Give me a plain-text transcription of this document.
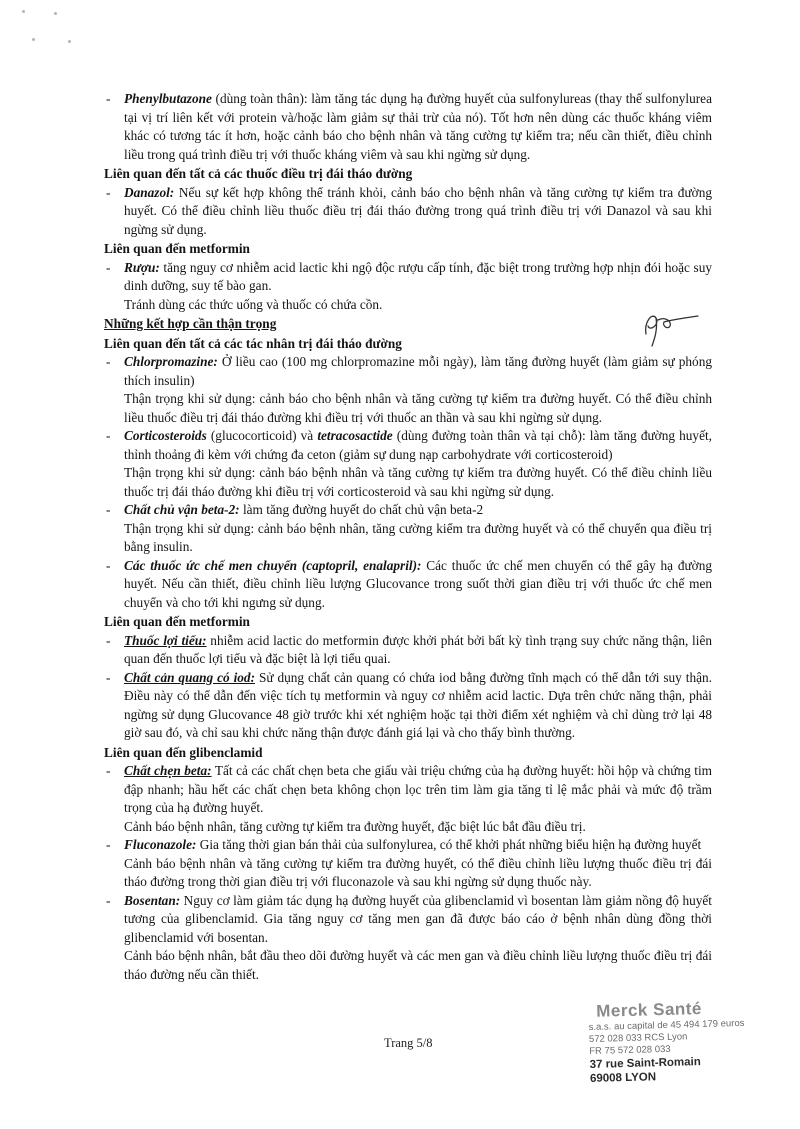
- Phenylbutazone (dùng toàn thân): làm tăng tác dụng hạ đường huyết của sulfonylureas (thay thế sulfonylurea tại vị trí liên kết với protein và/hoặc làm giảm sự thải trừ của nó). Tốt hơn nên dùng các thuốc kháng viêm khác có tương tác ít hơn, hoặc cảnh báo cho bệnh nhân và tăng cường tự kiểm tra; nếu cần thiết, điều chỉnh liều trong quá trình điều trị với thuốc kháng viêm và sau khi ngừng sử dụng.

Liên quan đến tất cả các thuốc điều trị đái tháo đường
- Danazol: Nếu sự kết hợp không thể tránh khỏi, cảnh báo cho bệnh nhân và tăng cường tự kiểm tra đường huyết. Có thể điều chỉnh liều thuốc điều trị đái tháo đường trong quá trình điều trị với Danazol và sau khi ngừng sử dụng.

Liên quan đến metformin
- Rượu: tăng nguy cơ nhiễm acid lactic khi ngộ độc rượu cấp tính, đặc biệt trong trường hợp nhịn đói hoặc suy dinh dưỡng, suy tế bào gan.

Tránh dùng các thức uống và thuốc có chứa cồn.

Những kết hợp cần thận trọng
Liên quan đến tất cả các tác nhân trị đái tháo đường
- Chlorpromazine: Ở liều cao (100 mg chlorpromazine mỗi ngày), làm tăng đường huyết (làm giảm sự phóng thích insulin)

Thận trọng khi sử dụng: cảnh báo cho bệnh nhân và tăng cường tự kiểm tra đường huyết. Có thể điều chỉnh liều thuốc điều trị đái tháo đường khi điều trị với thuốc an thần và sau khi ngừng sử dụng.

- Corticosteroids (glucocorticoid) và tetracosactide (dùng đường toàn thân và tại chỗ): làm tăng đường huyết, thỉnh thoảng đi kèm với chứng đa ceton (giảm sự dung nạp carbohydrate với corticosteroid)

Thận trọng khi sử dụng: cảnh báo bệnh nhân và tăng cường tự kiểm tra đường huyết. Có thể điều chỉnh liều thuốc trị đái tháo đường khi điều trị với corticosteroid và sau khi ngừng sử dụng.

- Chất chủ vận beta-2: làm tăng đường huyết do chất chủ vận beta-2

Thận trọng khi sử dụng: cảnh báo bệnh nhân, tăng cường kiểm tra đường huyết và có thể chuyển qua điều trị bằng insulin.

- Các thuốc ức chế men chuyển (captopril, enalapril): Các thuốc ức chế men chuyển có thể gây hạ đường huyết. Nếu cần thiết, điều chỉnh liều lượng Glucovance trong suốt thời gian điều trị với thuốc ức chế men chuyển và cho tới khi ngưng sử dụng.

Liên quan đến metformin
- Thuốc lợi tiểu: nhiễm acid lactic do metformin được khởi phát bởi bất kỳ tình trạng suy chức năng thận, liên quan đến thuốc lợi tiểu và đặc biệt là lợi tiểu quai.

- Chất cản quang có iod: Sử dụng chất cản quang có chứa iod bằng đường tĩnh mạch có thể dẫn tới suy thận. Điều này có thể dẫn đến việc tích tụ metformin và nguy cơ nhiễm acid lactic. Dựa trên chức năng thận, phải ngừng sử dụng Glucovance 48 giờ trước khi xét nghiệm hoặc tại thời điểm xét nghiệm và chỉ dùng trở lại 48 giờ sau đó, và chỉ sau khi chức năng thận được đánh giá lại và cho thấy bình thường.

Liên quan đến glibenclamid
- Chất chẹn beta: Tất cả các chất chẹn beta che giấu vài triệu chứng của hạ đường huyết: hồi hộp và chứng tim đập nhanh; hầu hết các chất chẹn beta không chọn lọc trên tim làm gia tăng tỉ lệ mắc phải và mức độ trầm trọng của hạ đường huyết.

Cảnh báo bệnh nhân, tăng cường tự kiểm tra đường huyết, đặc biệt lúc bắt đầu điều trị.

- Fluconazole: Gia tăng thời gian bán thải của sulfonylurea, có thể khởi phát những biểu hiện hạ đường huyết

Cảnh báo bệnh nhân và tăng cường tự kiểm tra đường huyết, có thể điều chỉnh liều lượng thuốc điều trị đái tháo đường trong thời gian điều trị với fluconazole và sau khi ngừng sử dụng thuốc này.

- Bosentan: Nguy cơ làm giảm tác dụng hạ đường huyết của glibenclamid vì bosentan làm giảm nồng độ huyết tương của glibenclamid. Gia tăng nguy cơ tăng men gan đã được báo cáo ở bệnh nhân dùng đồng thời glibenclamid với bosentan.

Cảnh báo bệnh nhân, bắt đầu theo dõi đường huyết và các men gan và điều chỉnh liều lượng thuốc điều trị đái tháo đường nếu cần thiết.

Trang 5/8
Merck Santé
s.a.s. au capital de 45 494 179 euros
572 028 033 RCS Lyon
FR 75 572 028 033
37 rue Saint-Romain
69008 LYON
